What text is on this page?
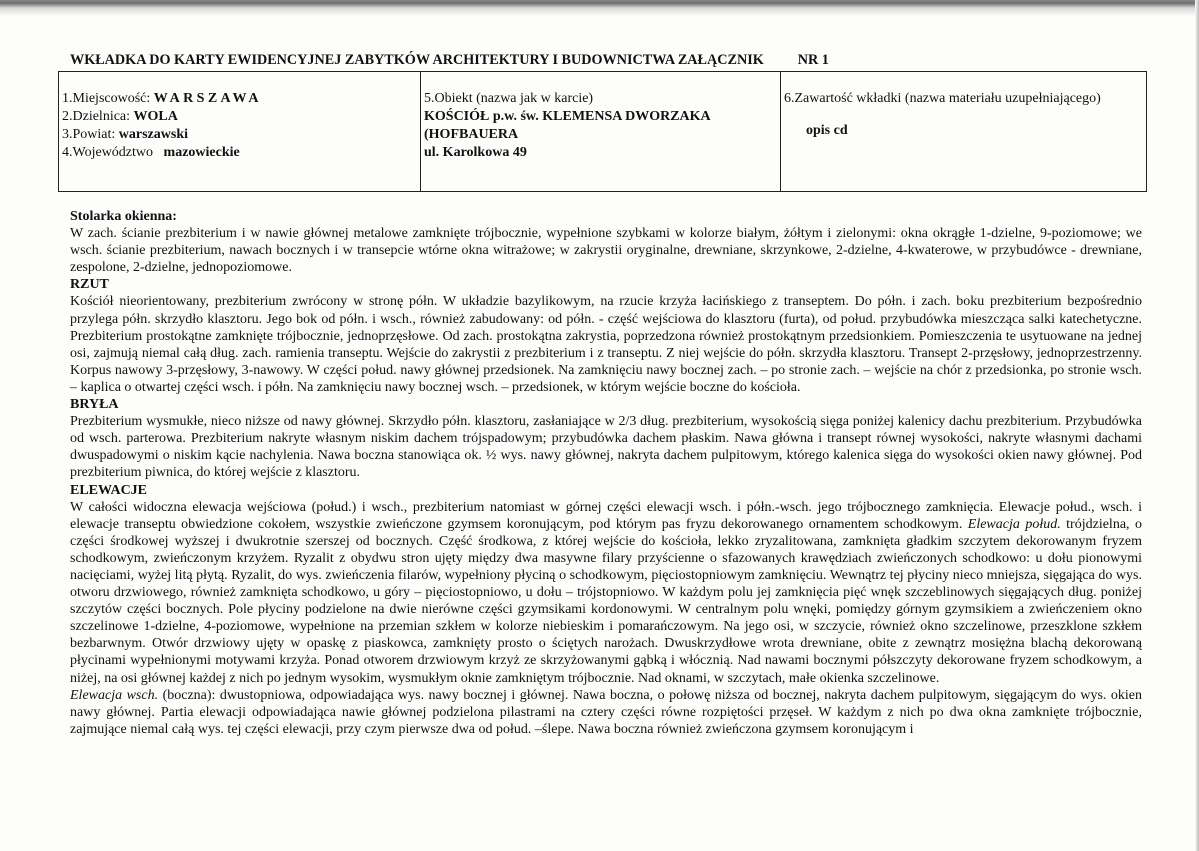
WKŁADKA DO KARTY EWIDENCYJNEJ ZABYTKÓW ARCHITEKTURY I BUDOWNICTWA ZAŁĄCZNIK NR 1
1.Miejscowość: WARSZAWA
2.Dzielnica: WOLA
3.Powiat: warszawski
4.Województwo   mazowieckie

5.Obiekt (nazwa jak w karcie)
KOŚCIÓŁ p.w. św. KLEMENSA DWORZAKA (HOFBAUERA
ul. Karolkowa 49

6.Zawartość wkładki (nazwa materiału uzupełniającego)
opis cd

Stolarka okienna:

W zach. ścianie prezbiterium i w nawie głównej metalowe zamknięte trójbocznie, wypełnione szybkami w kolorze białym, żółtym i zielonymi: okna okrągłe 1-dzielne, 9-poziomowe; we wsch. ścianie prezbiterium, nawach bocznych i w transepcie wtórne okna witrażowe; w zakrystii oryginalne, drewniane, skrzynkowe, 2-dzielne, 4-kwaterowe, w przybudówce - drewniane, zespolone, 2-dzielne, jednopoziomowe.

RZUT

Kościół nieorientowany, prezbiterium zwrócony w stronę półn. W układzie bazylikowym, na rzucie krzyża łacińskiego z transeptem. Do półn. i zach. boku prezbiterium bezpośrednio przylega półn. skrzydło klasztoru. Jego bok od półn. i wsch., również zabudowany: od półn. - część wejściowa do klasztoru (furta), od połud. przybudówka mieszcząca salki katechetyczne. Prezbiterium prostokątne zamknięte trójbocznie, jednoprzęsłowe. Od zach. prostokątna zakrystia, poprzedzona również prostokątnym przedsionkiem. Pomieszczenia te usytuowane na jednej osi, zajmują niemal całą dług. zach. ramienia transeptu. Wejście do zakrystii z prezbiterium i z transeptu. Z niej wejście do półn. skrzydła klasztoru. Transept 2-przęsłowy, jednoprzestrzenny. Korpus nawowy 3-przęsłowy, 3-nawowy. W części połud. nawy głównej przedsionek. Na zamknięciu nawy bocznej zach. – po stronie zach. – wejście na chór z przedsionka, po stronie wsch. – kaplica o otwartej części wsch. i półn. Na zamknięciu nawy bocznej wsch. – przedsionek, w którym wejście boczne do kościoła.

BRYŁA

Prezbiterium wysmukłe, nieco niższe od nawy głównej. Skrzydło półn. klasztoru, zasłaniające w 2/3 dług. prezbiterium, wysokością sięga poniżej kalenicy dachu prezbiterium. Przybudówka od wsch. parterowa. Prezbiterium nakryte własnym niskim dachem trójspadowym; przybudówka dachem płaskim. Nawa główna i transept równej wysokości, nakryte własnymi dachami dwuspadowymi o niskim kącie nachylenia. Nawa boczna stanowiąca ok. ½ wys. nawy głównej, nakryta dachem pulpitowym, którego kalenica sięga do wysokości okien nawy głównej. Pod prezbiterium piwnica, do której wejście z klasztoru.

ELEWACJE

W całości widoczna elewacja wejściowa (połud.) i wsch., prezbiterium natomiast w górnej części elewacji wsch. i półn.-wsch. jego trójbocznego zamknięcia. Elewacje połud., wsch. i elewacje transeptu obwiedzione cokołem, wszystkie zwieńczone gzymsem koronującym, pod którym pas fryzu dekorowanego ornamentem schodkowym. Elewacja połud. trójdzielna, o części środkowej wyższej i dwukrotnie szerszej od bocznych. Część środkowa, z której wejście do kościoła, lekko zryzalitowana, zamknięta gładkim szczytem dekorowanym fryzem schodkowym, zwieńczonym krzyżem. Ryzalit z obydwu stron ujęty między dwa masywne filary przyścienne o sfazowanych krawędziach zwieńczonych schodkowo: u dołu pionowymi nacięciami, wyżej litą płytą. Ryzalit, do wys. zwieńczenia filarów, wypełniony płyciną o schodkowym, pięciostopniowym zamknięciu. Wewnątrz tej płyciny nieco mniejsza, sięgająca do wys. otworu drzwiowego, również zamknięta schodkowo, u góry – pięciostopniowo, u dołu – trójstopniowo. W każdym polu jej zamknięcia pięć wnęk szczeblinowych sięgających dług. poniżej szczytów części bocznych. Pole płyciny podzielone na dwie nierówne części gzymsikami kordonowymi. W centralnym polu wnęki, pomiędzy górnym gzymsikiem a zwieńczeniem okno szczelinowe 1-dzielne, 4-poziomowe, wypełnione na przemian szkłem w kolorze niebieskim i pomarańczowym. Na jego osi, w szczycie, również okno szczelinowe, przeszklone szkłem bezbarwnym. Otwór drzwiowy ujęty w opaskę z piaskowca, zamknięty prosto o ściętych narożach. Dwuskrzydłowe wrota drewniane, obite z zewnątrz mosiężna blachą dekorowaną płycinami wypełnionymi motywami krzyża. Ponad otworem drzwiowym krzyż ze skrzyżowanymi gąbką i włócznią. Nad nawami bocznymi półszczyty dekorowane fryzem schodkowym, a niżej, na osi głównej każdej z nich po jednym wysokim, wysmukłym oknie zamkniętym trójbocznie. Nad oknami, w szczytach, małe okienka szczelinowe.

Elewacja wsch. (boczna): dwustopniowa, odpowiadająca wys. nawy bocznej i głównej. Nawa boczna, o połowę niższa od bocznej, nakryta dachem pulpitowym, sięgającym do wys. okien nawy głównej. Partia elewacji odpowiadająca nawie głównej podzielona pilastrami na cztery części równe rozpiętości przęseł. W każdym z nich po dwa okna zamknięte trójbocznie, zajmujące niemal całą wys. tej części elewacji, przy czym pierwsze dwa od połud. –ślepe. Nawa boczna również zwieńczona gzymsem koronującym i
